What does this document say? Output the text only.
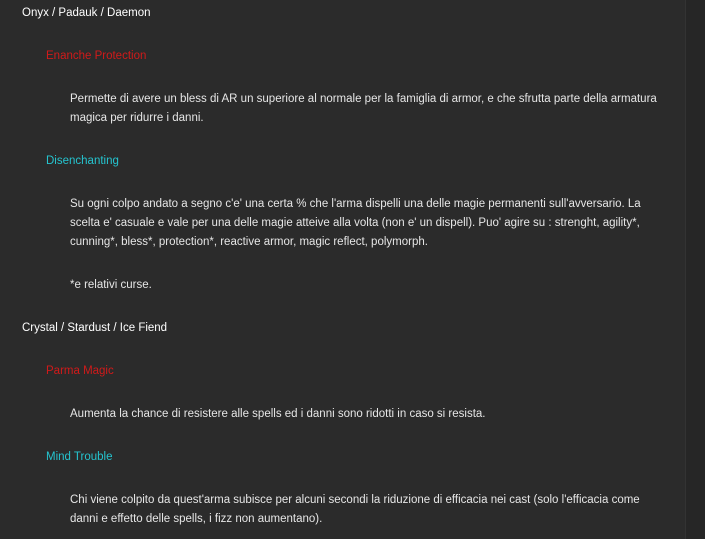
Onyx / Padauk / Daemon
Enanche Protection
Permette di avere un bless di AR un superiore al normale per la famiglia di armor, e che sfrutta parte della armatura magica per ridurre i danni.
Disenchanting
Su ogni colpo andato a segno c'e' una certa % che l'arma dispelli una delle magie permanenti sull'avversario. La scelta e' casuale e vale per una delle magie atteive alla volta (non e' un dispell). Puo' agire su : strenght, agility*, cunning*, bless*, protection*, reactive armor, magic reflect, polymorph.
*e relativi curse.
Crystal / Stardust / Ice Fiend
Parma Magic
Aumenta la chance di resistere alle spells ed i danni sono ridotti in caso si resista.
Mind Trouble
Chi viene colpito da quest'arma subisce per alcuni secondi la riduzione di efficacia nei cast (solo l'efficacia come danni e effetto delle spells, i fizz non aumentano).
